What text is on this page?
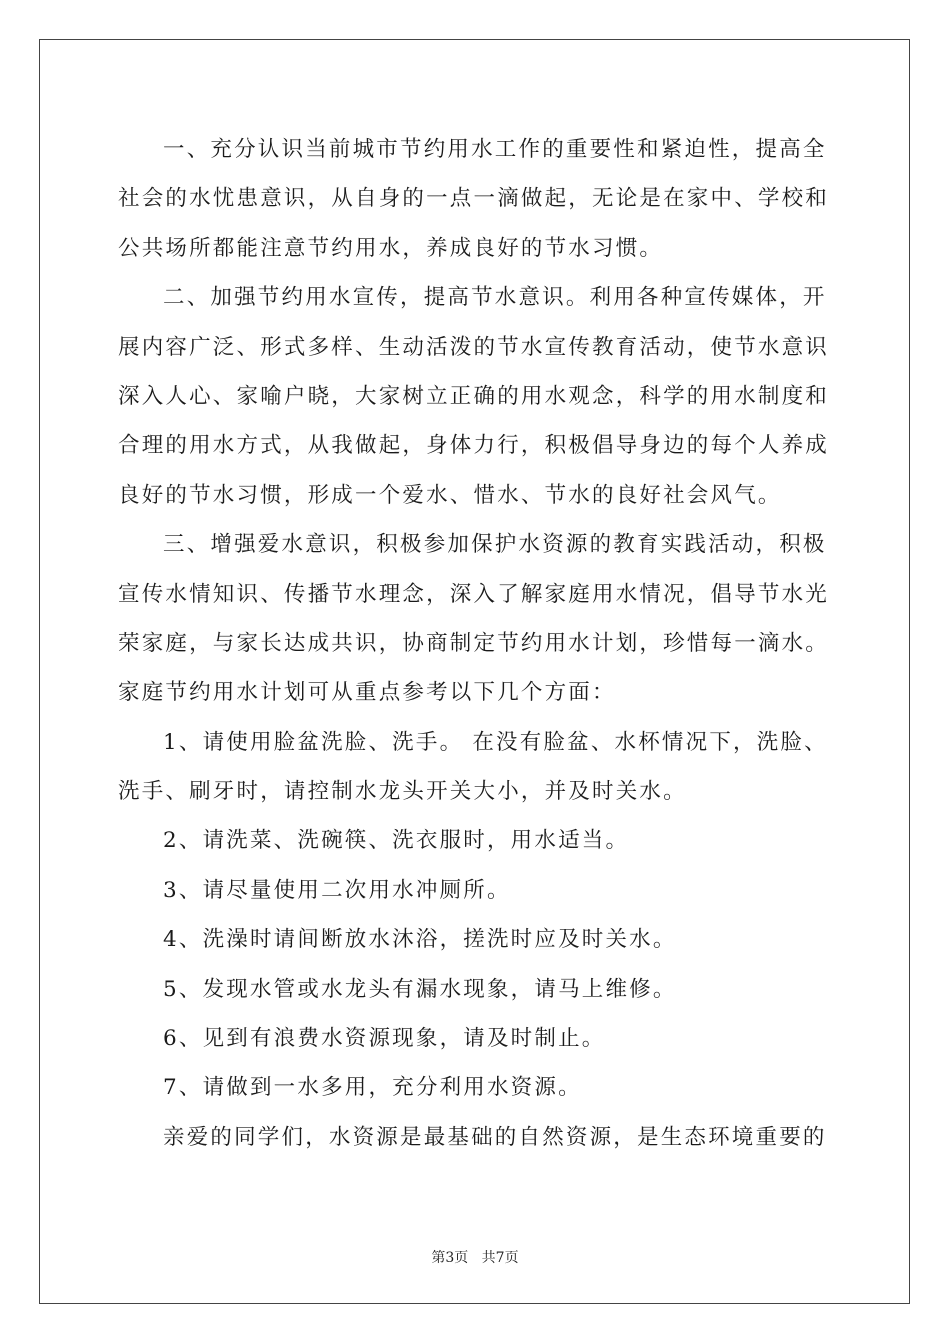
一、充分认识当前城市节约用水工作的重要性和紧迫性，提高全
社会的水忧患意识，从自身的一点一滴做起，无论是在家中、学校和
公共场所都能注意节约用水，养成良好的节水习惯。
二、加强节约用水宣传，提高节水意识。利用各种宣传媒体，开
展内容广泛、形式多样、生动活泼的节水宣传教育活动，使节水意识
深入人心、家喻户晓，大家树立正确的用水观念，科学的用水制度和
合理的用水方式，从我做起，身体力行，积极倡导身边的每个人养成
良好的节水习惯，形成一个爱水、惜水、节水的良好社会风气。
三、增强爱水意识，积极参加保护水资源的教育实践活动，积极
宣传水情知识、传播节水理念，深入了解家庭用水情况，倡导节水光
荣家庭，与家长达成共识，协商制定节约用水计划，珍惜每一滴水。
家庭节约用水计划可从重点参考以下几个方面：
1、请使用脸盆洗脸、洗手。 在没有脸盆、水杯情况下，洗脸、
洗手、刷牙时，请控制水龙头开关大小，并及时关水。
2、请洗菜、洗碗筷、洗衣服时，用水适当。
3、请尽量使用二次用水冲厕所。
4、洗澡时请间断放水沐浴，搓洗时应及时关水。
5、发现水管或水龙头有漏水现象，请马上维修。
6、见到有浪费水资源现象，请及时制止。
7、请做到一水多用，充分利用水资源。
亲爱的同学们，水资源是最基础的自然资源，是生态环境重要的
第3页 共7页
